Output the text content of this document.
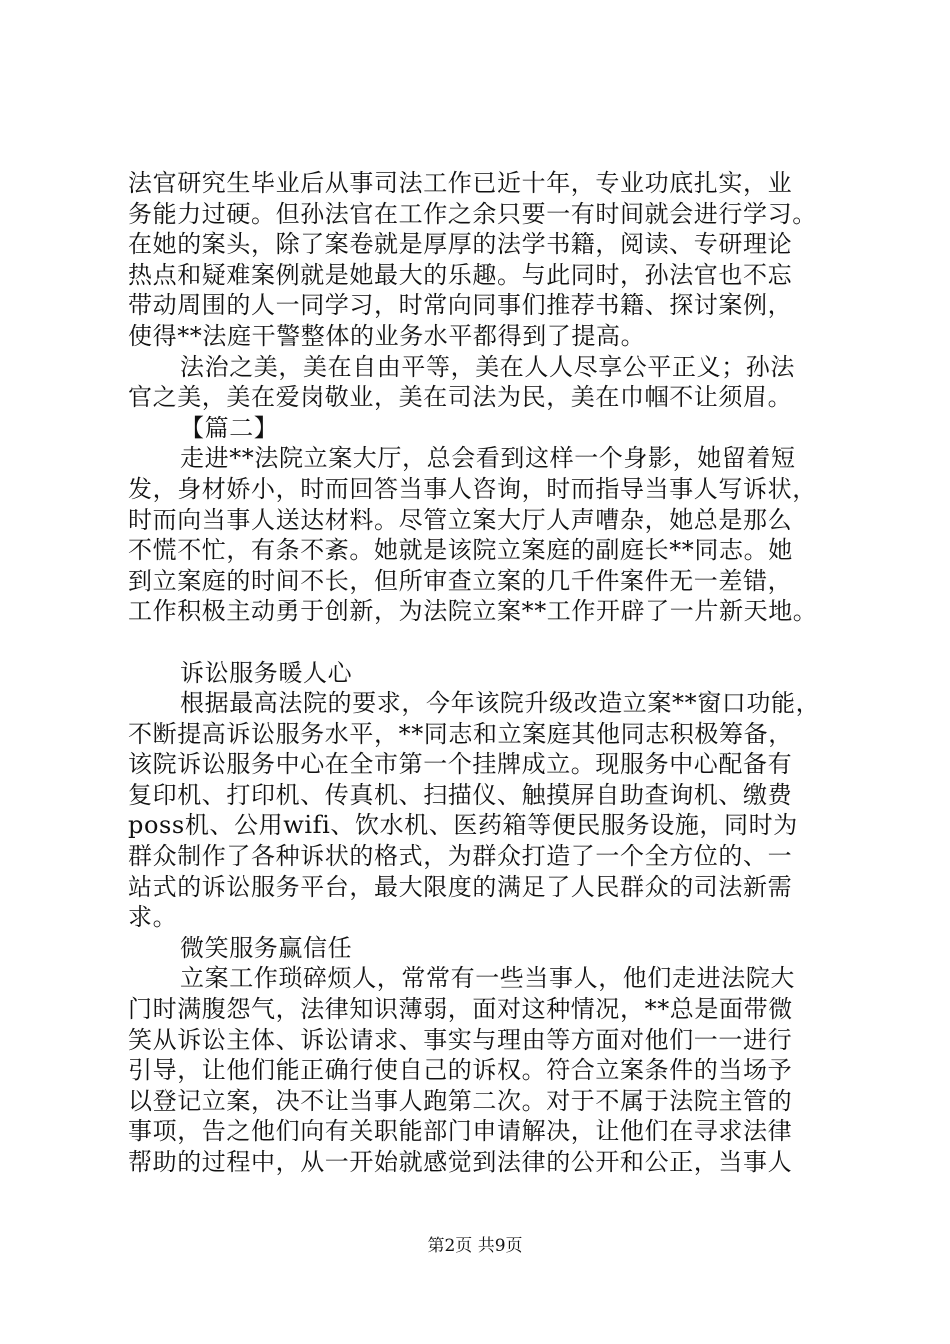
法官研究生毕业后从事司法工作已近十年，专业功底扎实，业
务能力过硬。但孙法官在工作之余只要一有时间就会进行学习。
在她的案头，除了案卷就是厚厚的法学书籍，阅读、专研理论
热点和疑难案例就是她最大的乐趣。与此同时，孙法官也不忘
带动周围的人一同学习，时常向同事们推荐书籍、探讨案例，
使得**法庭干警整体的业务水平都得到了提高。
法治之美，美在自由平等，美在人人尽享公平正义；孙法
官之美，美在爱岗敬业，美在司法为民，美在巾帼不让须眉。
【篇二】
走进**法院立案大厅，总会看到这样一个身影，她留着短
发，身材娇小，时而回答当事人咨询，时而指导当事人写诉状，
时而向当事人送达材料。尽管立案大厅人声嘈杂，她总是那么
不慌不忙，有条不紊。她就是该院立案庭的副庭长**同志。她
到立案庭的时间不长，但所审查立案的几千件案件无一差错，
工作积极主动勇于创新，为法院立案**工作开辟了一片新天地。
诉讼服务暖人心
根据最高法院的要求，今年该院升级改造立案**窗口功能，
不断提高诉讼服务水平，**同志和立案庭其他同志积极筹备，
该院诉讼服务中心在全市第一个挂牌成立。现服务中心配备有
复印机、打印机、传真机、扫描仪、触摸屏自助查询机、缴费
poss机、公用wifi、饮水机、医药箱等便民服务设施，同时为
群众制作了各种诉状的格式，为群众打造了一个全方位的、一
站式的诉讼服务平台，最大限度的满足了人民群众的司法新需
求。
微笑服务赢信任
立案工作琐碎烦人，常常有一些当事人，他们走进法院大
门时满腹怨气，法律知识薄弱，面对这种情况，**总是面带微
笑从诉讼主体、诉讼请求、事实与理由等方面对他们一一进行
引导，让他们能正确行使自己的诉权。符合立案条件的当场予
以登记立案，决不让当事人跑第二次。对于不属于法院主管的
事项，告之他们向有关职能部门申请解决，让他们在寻求法律
帮助的过程中，从一开始就感觉到法律的公开和公正，当事人
第2页 共9页
